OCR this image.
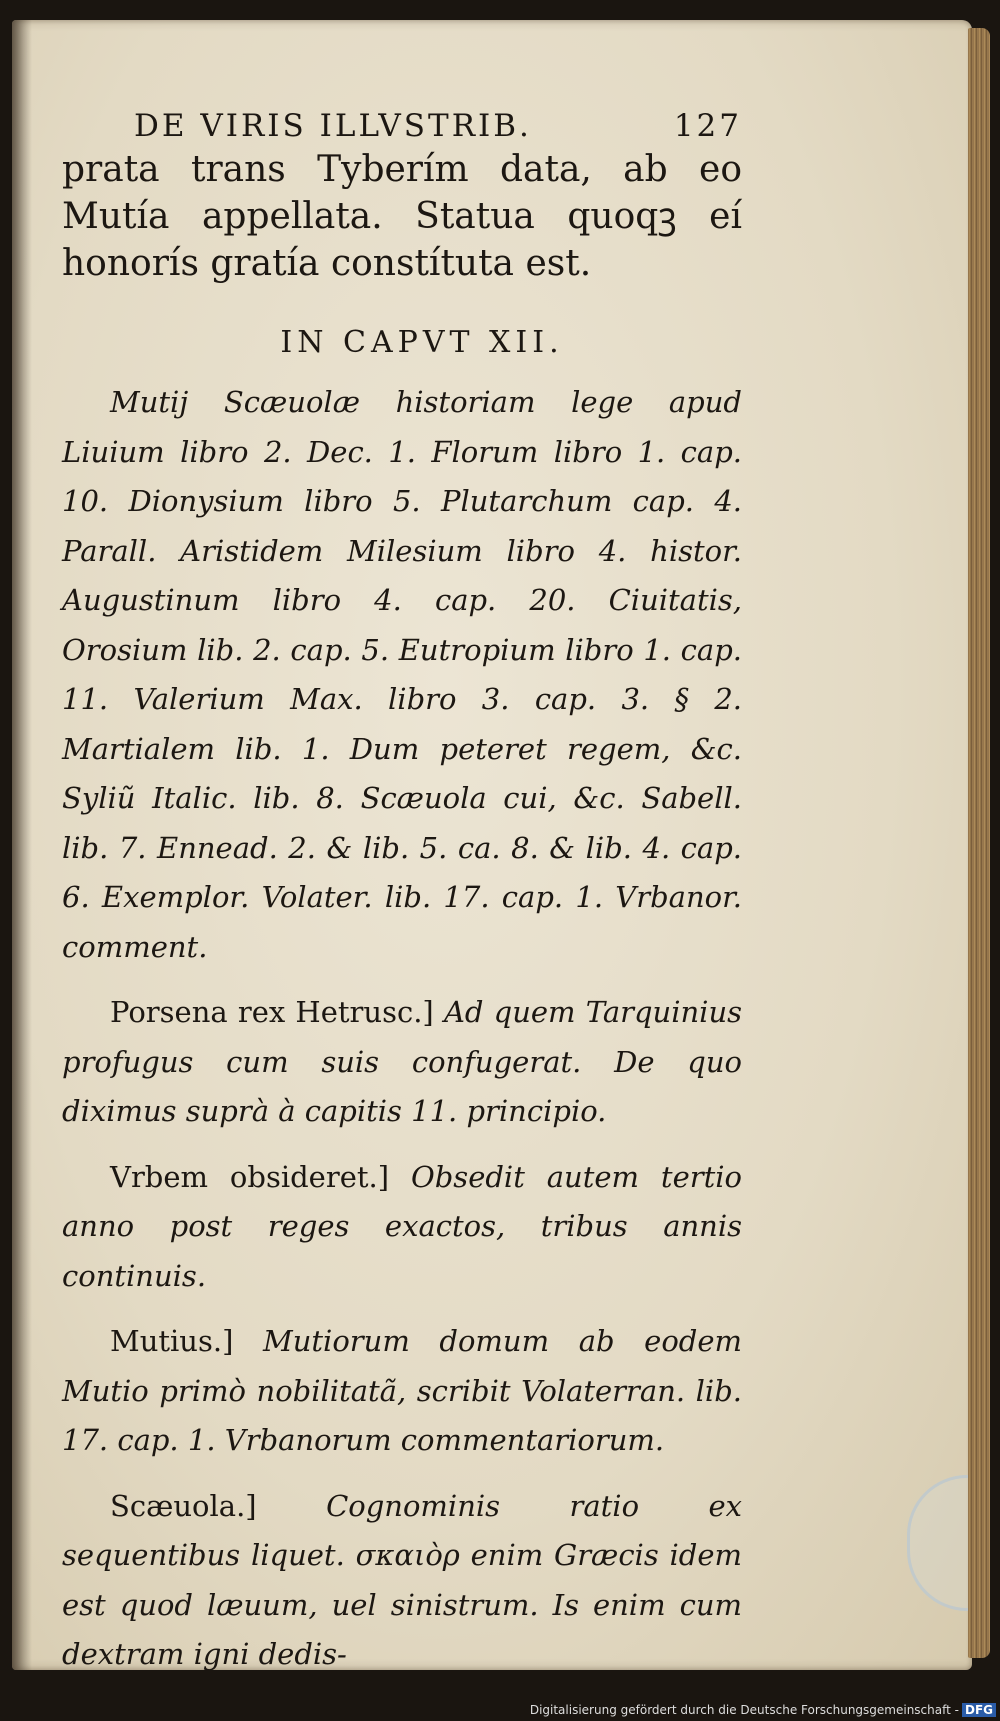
DE VIRIS ILLVSTRIB.	127

prata trans Tyberím data, ab eo Mutía appellata. Statua quoqꝫ eí honorís gratía constítuta est.

IN CAPVT XII.

Mutij Scæuolæ historiam lege apud Liuium libro 2. Dec. 1. Florum libro 1. cap. 10. Dionysium libro 5. Plutarchum cap. 4. Parall. Aristidem Milesium libro 4. histor. Augustinum libro 4. cap. 20. Ciuitatis, Orosium lib. 2. cap. 5. Eutropium libro 1. cap. 11. Valerium Max. libro 3. cap. 3. § 2. Martialem lib. 1. Dum peteret regem, &c. Syliũ Italic. lib. 8. Scæuola cui, &c. Sabell. lib. 7. Ennead. 2. & lib. 5. ca. 8. & lib. 4. cap. 6. Exemplor. Volater. lib. 17. cap. 1. Vrbanor. comment.

Porsena rex Hetrusc.] Ad quem Tarquinius profugus cum suis confugerat. De quo diximus suprà à capitis 11. principio.

Vrbem obsideret.] Obsedit autem tertio anno post reges exactos, tribus annis continuis.

Mutius.] Mutiorum domum ab eodem Mutio primò nobilitatã, scribit Volaterran. lib. 17. cap. 1. Vrbanorum commentariorum.

Scæuola.] Cognominis ratio ex sequentibus liquet. σκαιὸρ enim Græcis idem est quod læuum, uel sinistrum. Is enim cum dextram igni dedis-

Digitalisierung gefördert durch die Deutsche Forschungsgemeinschaft - DFG
